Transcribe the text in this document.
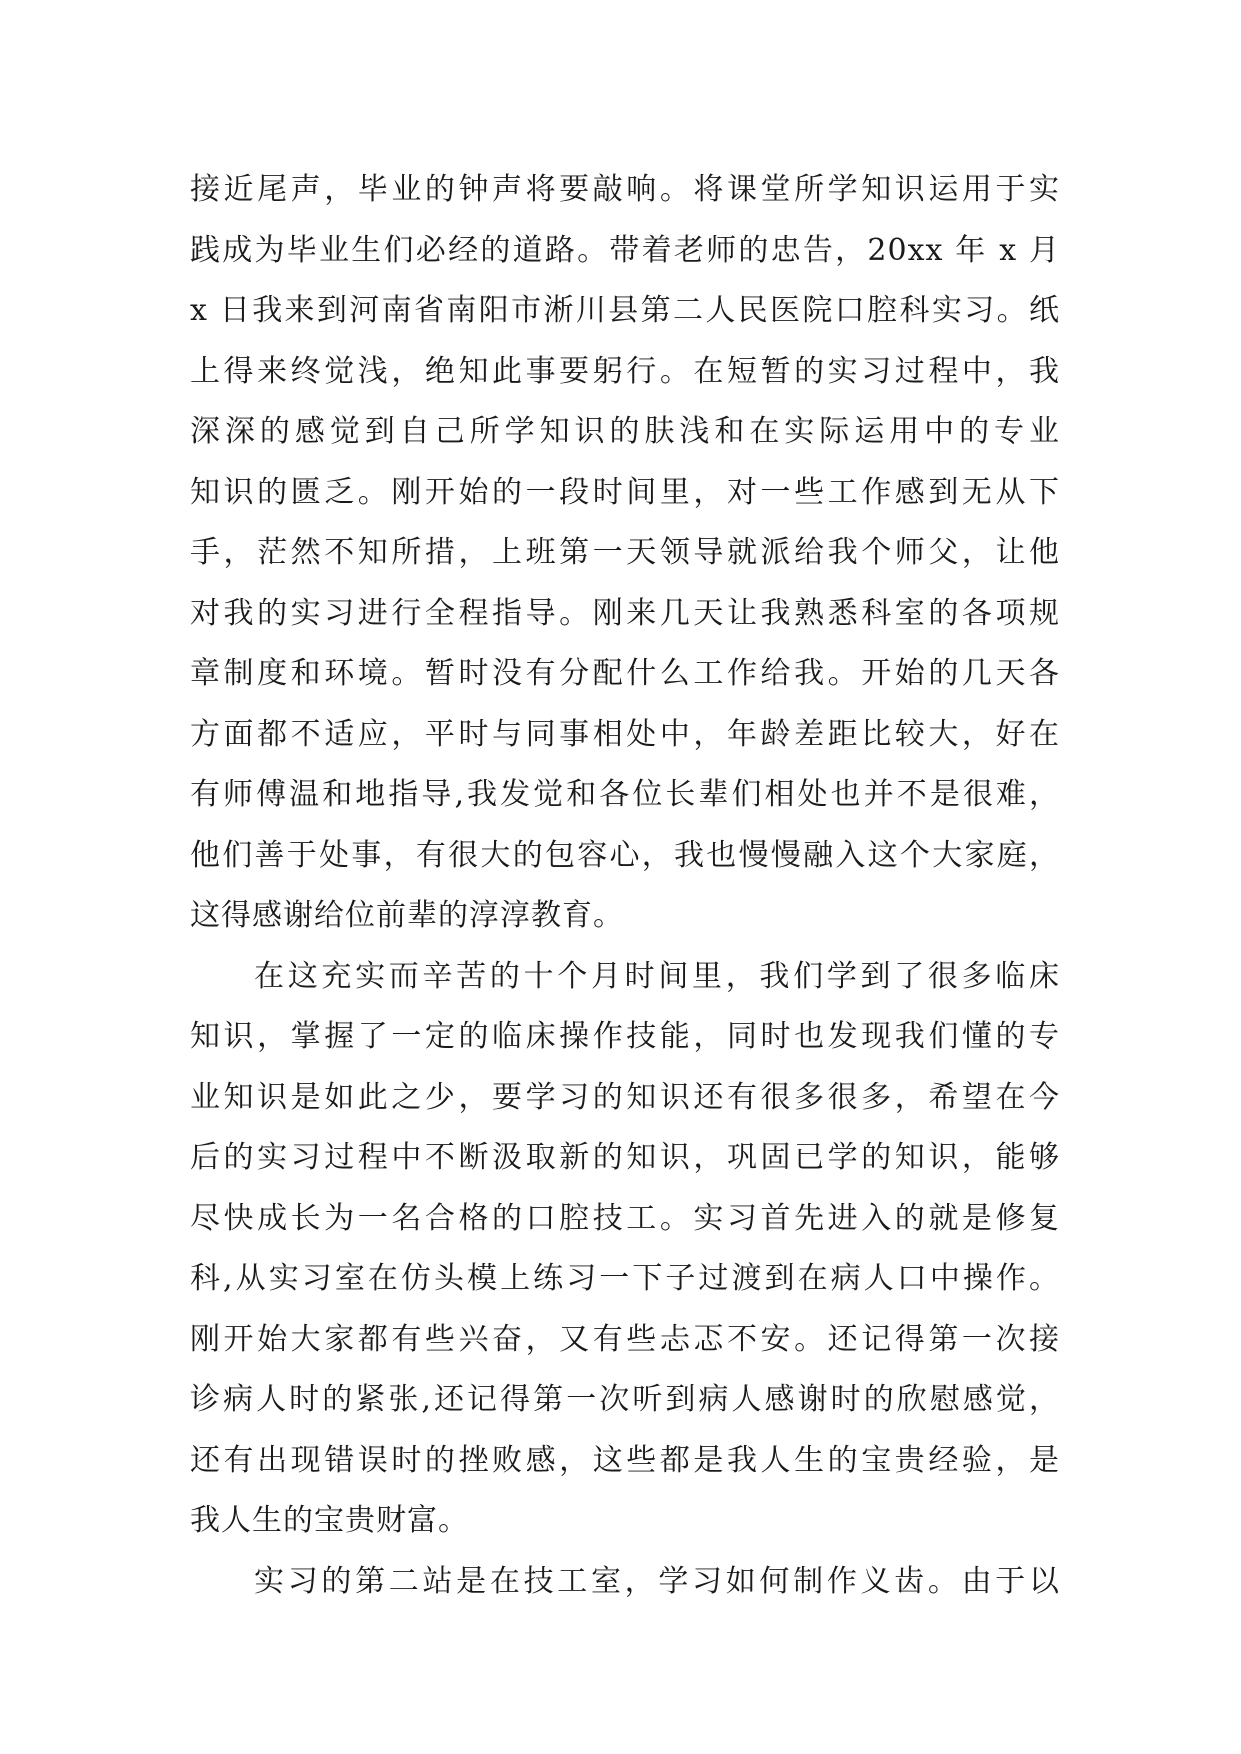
接近尾声，毕业的钟声将要敲响。将课堂所学知识运用于实
践成为毕业生们必经的道路。带着老师的忠告，20xx 年 x 月
x 日我来到河南省南阳市淅川县第二人民医院口腔科实习。纸
上得来终觉浅，绝知此事要躬行。在短暂的实习过程中，我
深深的感觉到自己所学知识的肤浅和在实际运用中的专业
知识的匮乏。刚开始的一段时间里，对一些工作感到无从下
手，茫然不知所措，上班第一天领导就派给我个师父，让他
对我的实习进行全程指导。刚来几天让我熟悉科室的各项规
章制度和环境。暂时没有分配什么工作给我。开始的几天各
方面都不适应，平时与同事相处中，年龄差距比较大，好在
有师傅温和地指导,我发觉和各位长辈们相处也并不是很难，
他们善于处事，有很大的包容心，我也慢慢融入这个大家庭，
这得感谢给位前辈的淳淳教育。
在这充实而辛苦的十个月时间里，我们学到了很多临床
知识，掌握了一定的临床操作技能，同时也发现我们懂的专
业知识是如此之少，要学习的知识还有很多很多，希望在今
后的实习过程中不断汲取新的知识，巩固已学的知识，能够
尽快成长为一名合格的口腔技工。实习首先进入的就是修复
科,从实习室在仿头模上练习一下子过渡到在病人口中操作。
刚开始大家都有些兴奋，又有些忐忑不安。还记得第一次接
诊病人时的紧张,还记得第一次听到病人感谢时的欣慰感觉，
还有出现错误时的挫败感，这些都是我人生的宝贵经验，是
我人生的宝贵财富。
实习的第二站是在技工室，学习如何制作义齿。由于以
